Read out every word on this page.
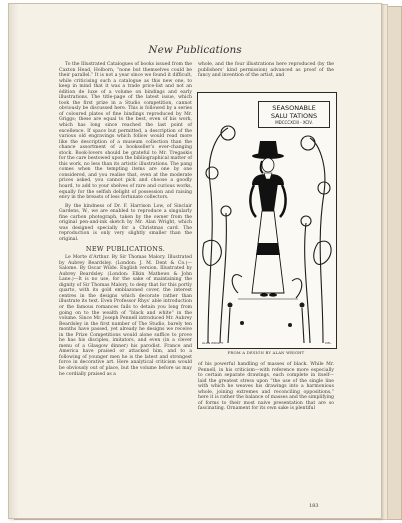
New Publications

To the Illustrated Catalogues of books issued from the Caxton Head, Holborn, “none but themselves could be their parallel.” It is not a year since we found it difficult, while criticising such a catalogue as this new one, to keep in mind that it was a trade price-list and not an édition de luxe of a volume on bindings and early illustrations. The title-page of the latest issue, which took the first prize in a Studio competition, cannot obviously be discussed here. This is followed by a series of coloured plates of fine bindings reproduced by Mr. Griggs; these are equal to the best, even of his work, which has long since reached the last point of excellence. If space but permitted, a description of the various old engravings which follow would read more like the description of a museum collection than the chance assortment of a bookseller’s ever-changing stock. Book-lovers should be grateful to Mr. Tregaskis for the care bestowed upon the bibliographical matter of this work, no less than its artistic illustrations. The pang comes when the tempting items are one by one considered, and you realise that, even at the moderate prices asked, you cannot pick and choose a goodly hoard, to add to your shelves of rare and curious works, equally for the selfish delight of possession and raising envy in the breasts of less fortunate collectors.

By the kindness of Dr. F. Harrison Low, of Sinclair Gardens, W., we are enabled to reproduce a singularly fine carbon photograph, taken by the owner from the original pen-and-ink sketch by Mr. Alan Wright, which was designed specially for a Christmas card. The reproduction is only very slightly smaller than the original.

NEW PUBLICATIONS.

Le Morte d’Arthur. By Sir Thomas Malory. Illustrated by Aubrey Beardsley. (London: J. M. Dent & Co.)—Salome. By Oscar Wilde. English version. Illustrated by Aubrey Beardsley. (London: Elkin Mathews & John Lane.)—It is no use, for the sake of maintaining the dignity of Sir Thomas Malory, to deny that for this portly quarto, with its gold emblazoned cover, the interest centres in the designs which decorate rather than illustrate its text. Even Professor Rhys’ able introduction or the famous romances fails to detain you long from going on to the wealth of “black and white” in the volume. Since Mr. Joseph Pennell introduced Mr. Aubrey Beardsley in the first number of The Studio, barely ten months have passed, yet already he designs we receive in the Prize Competitions would alone suffice to prove he has his disciples, imitators, and even (in a clever menu of a Glasgow dinner) his parodist. France and America have praised or attacked him, and to a following of younger men he is the latest and strongest force in decorative art. Here analytical criticism would be obviously out of place, but the volume before us may be cordially praised as a

whole, and the four illustrations here reproduced (by the publishers’ kind permission) advanced as proof of the fancy and invention of the artist, and

SEASONABLE
SALU TATIONS
MDCCCXCIII - XCIV.
ALAN WRIGHT	DEL.
FROM A DESIGN BY ALAN WRIGHT

of his powerful handling of masses of black. While Mr. Pennell, in his criticism—with reference more especially to certain separate drawings, each complete in itself—laid the greatest stress upon “the use of the single line with which he weaves his drawings into a harmonious whole, joining extremes and reconciling oppositions,” here it is rather the balance of masses and the simplifying of forms to their most naive presentation that are so fascinating. Ornament for its own sake is plentiful

183
